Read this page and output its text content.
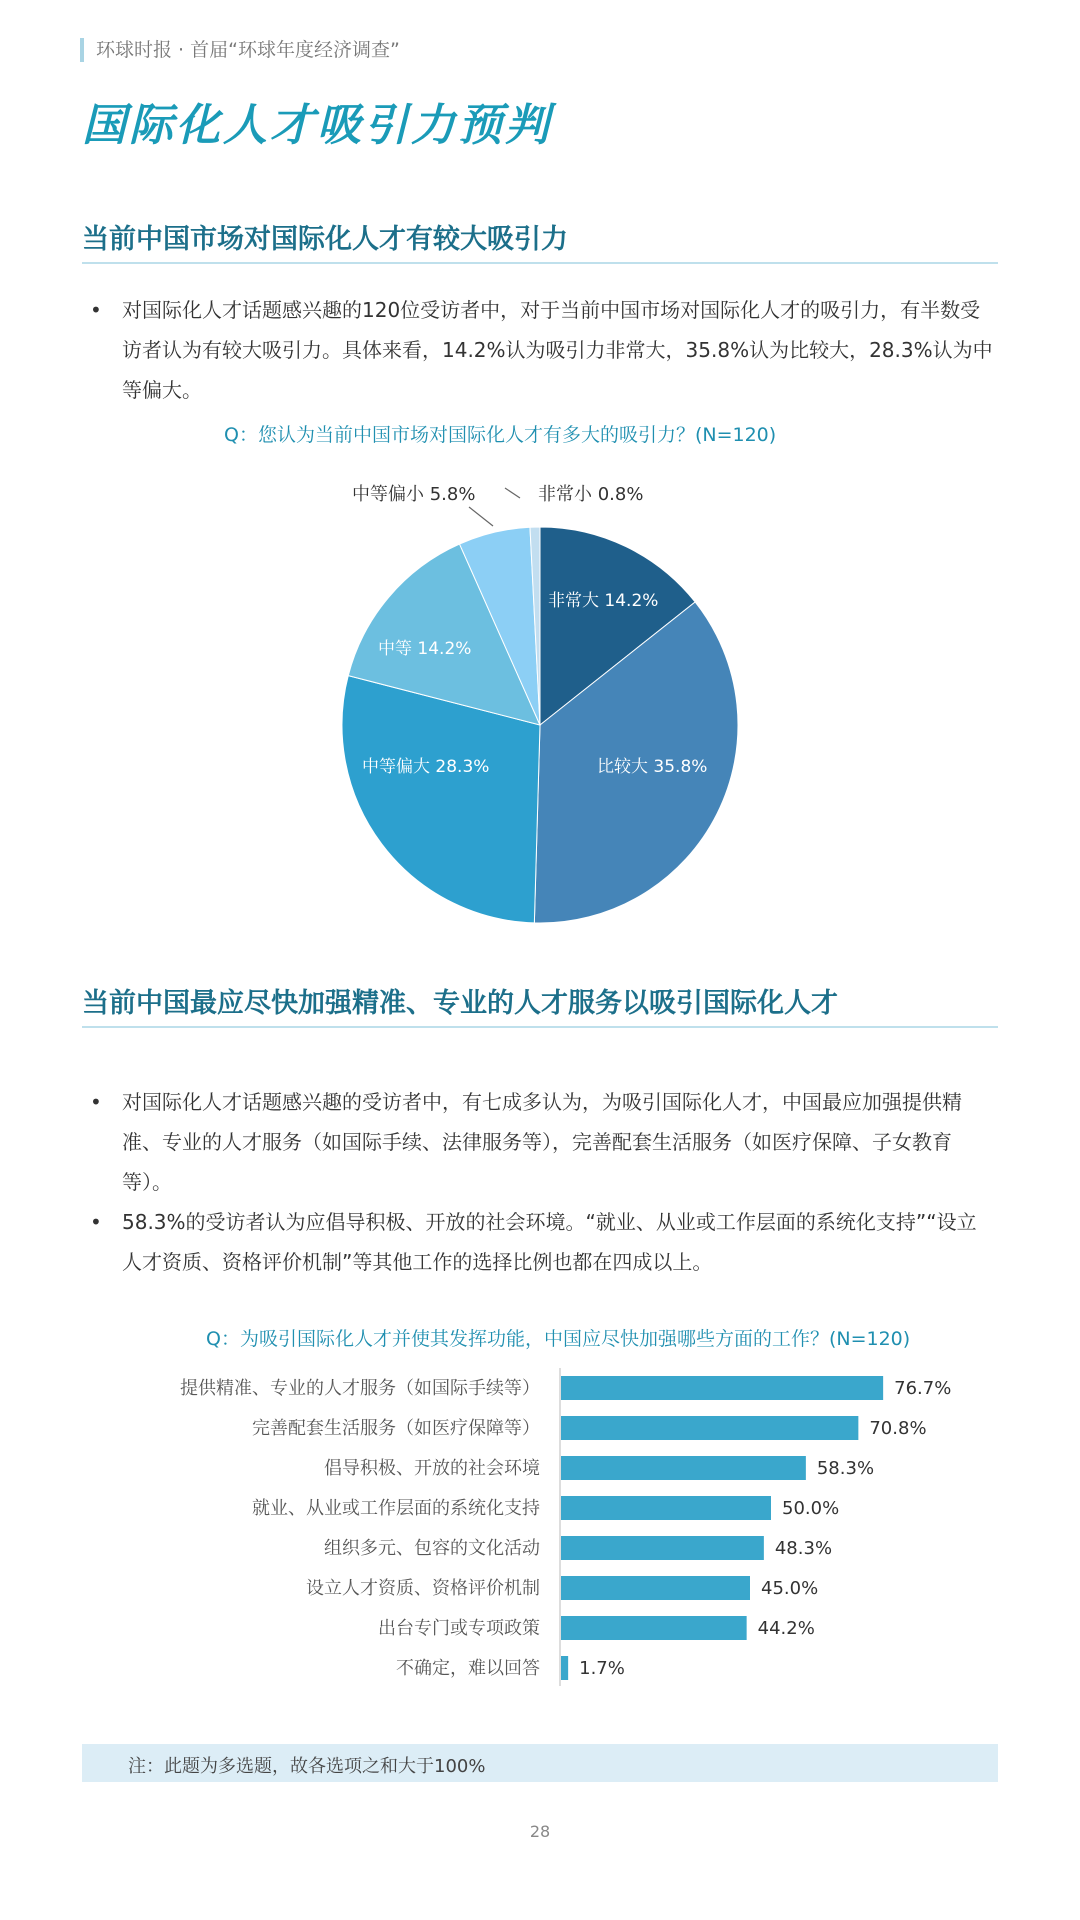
环球时报 · 首届“环球年度经济调查”
国际化人才吸引力预判
当前中国市场对国际化人才有较大吸引力
• 对国际化人才话题感兴趣的120位受访者中，对于当前中国市场对国际化人才的吸引力，有半数受访者认为有较大吸引力。具体来看，14.2%认为吸引力非常大，35.8%认为比较大，28.3%认为中等偏大。
Q：您认为当前中国市场对国际化人才有多大的吸引力？(N=120)
中等偏小 5.8%	非常小 0.8%
非常大 14.2%
比较大 35.8%
中等偏大 28.3%
中等 14.2%
当前中国最应尽快加强精准、专业的人才服务以吸引国际化人才
• 对国际化人才话题感兴趣的受访者中，有七成多认为，为吸引国际化人才，中国最应加强提供精准、专业的人才服务（如国际手续、法律服务等），完善配套生活服务（如医疗保障、子女教育等）。
• 58.3%的受访者认为应倡导积极、开放的社会环境。“就业、从业或工作层面的系统化支持”“设立人才资质、资格评价机制”等其他工作的选择比例也都在四成以上。
Q：为吸引国际化人才并使其发挥功能，中国应尽快加强哪些方面的工作？(N=120)
提供精准、专业的人才服务（如国际手续等）	76.7%
完善配套生活服务（如医疗保障等）	70.8%
倡导积极、开放的社会环境	58.3%
就业、从业或工作层面的系统化支持	50.0%
组织多元、包容的文化活动	48.3%
设立人才资质、资格评价机制	45.0%
出台专门或专项政策	44.2%
不确定，难以回答 1.7%
注：此题为多选题，故各选项之和大于100%
28
